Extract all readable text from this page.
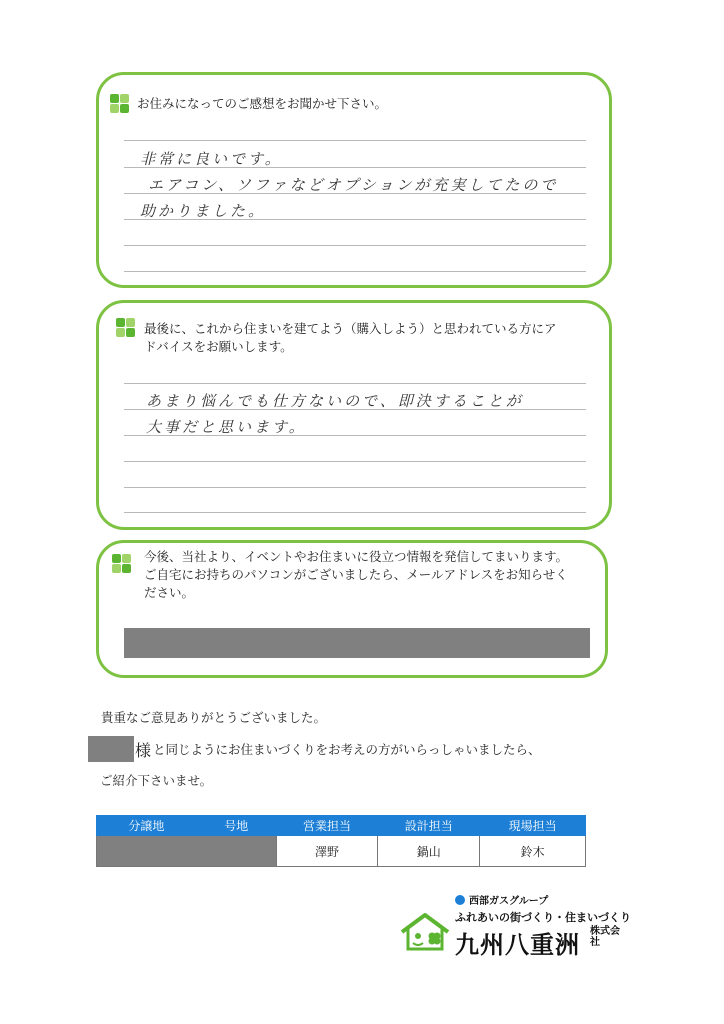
お住みになってのご感想をお聞かせ下さい。
非常に良いです。
エアコン、ソファなどオプションが充実してたので
助かりました。
最後に、これから住まいを建てよう（購入しよう）と思われている方にアドバイスをお願いします。
あまり悩んでも仕方ないので、即決することが
大事だと思います。
今後、当社より、イベントやお住まいに役立つ情報を発信してまいります。ご自宅にお持ちのパソコンがございましたら、メールアドレスをお知らせください。
貴重なご意見ありがとうございました。
様 と同じようにお住まいづくりをお考えの方がいらっしゃいましたら、
ご紹介下さいませ。
分譲地	号地	営業担当	設計担当	現場担当
		澤野	鍋山	鈴木
西部ガスグループ
ふれあいの街づくり・住まいづくり
九州八重洲 株式会社
